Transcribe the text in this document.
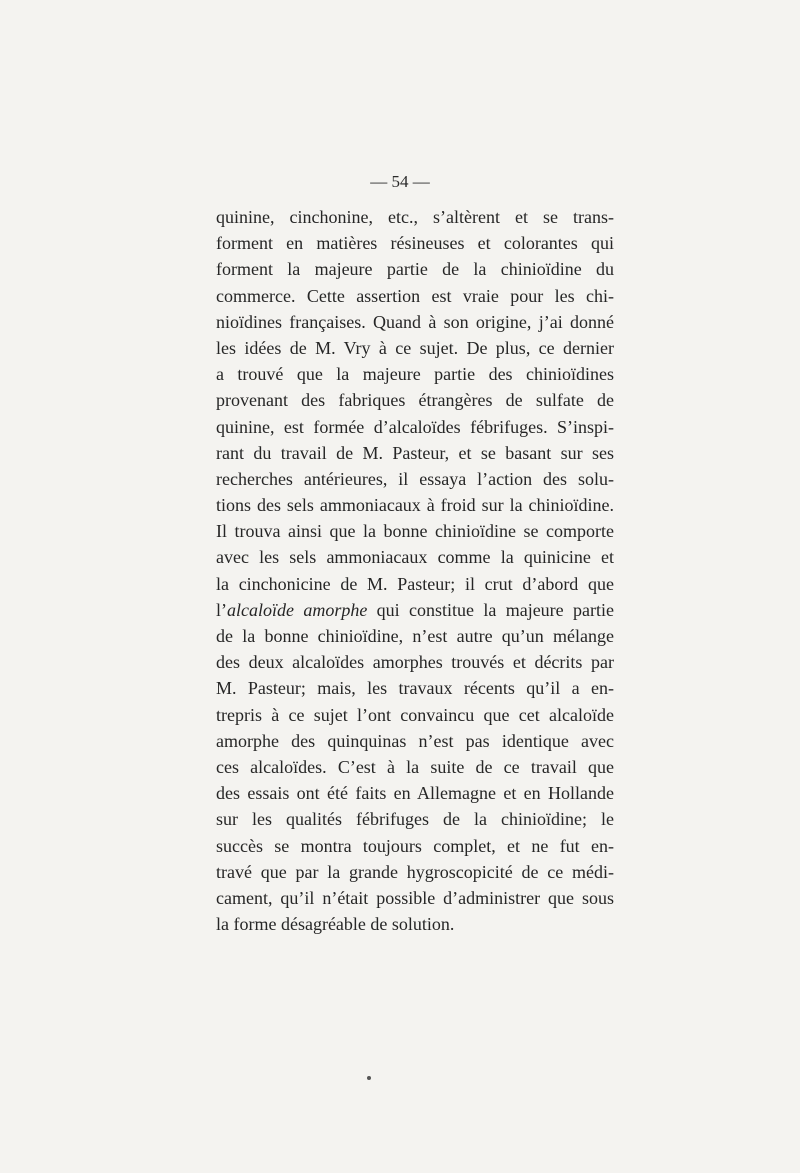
— 54 —
quinine, cinchonine, etc., s’altèrent et se trans-
forment en matières résineuses et colorantes qui
forment la majeure partie de la chinioïdine du
commerce. Cette assertion est vraie pour les chi-
nioïdines françaises. Quand à son origine, j’ai donné
les idées de M. Vry à ce sujet. De plus, ce dernier
a trouvé que la majeure partie des chinioïdines
provenant des fabriques étrangères de sulfate de
quinine, est formée d’alcaloïdes fébrifuges. S’inspi-
rant du travail de M. Pasteur, et se basant sur ses
recherches antérieures, il essaya l’action des solu-
tions des sels ammoniacaux à froid sur la chinioïdine.
Il trouva ainsi que la bonne chinioïdine se comporte
avec les sels ammoniacaux comme la quinicine et
la cinchonicine de M. Pasteur; il crut d’abord que
l’alcaloïde amorphe qui constitue la majeure partie
de la bonne chinioïdine, n’est autre qu’un mélange
des deux alcaloïdes amorphes trouvés et décrits par
M. Pasteur; mais, les travaux récents qu’il a en-
trepris à ce sujet l’ont convaincu que cet alcaloïde
amorphe des quinquinas n’est pas identique avec
ces alcaloïdes. C’est à la suite de ce travail que
des essais ont été faits en Allemagne et en Hollande
sur les qualités fébrifuges de la chinioïdine; le
succès se montra toujours complet, et ne fut en-
travé que par la grande hygroscopicité de ce médi-
cament, qu’il n’était possible d’administrer que sous
la forme désagréable de solution.
